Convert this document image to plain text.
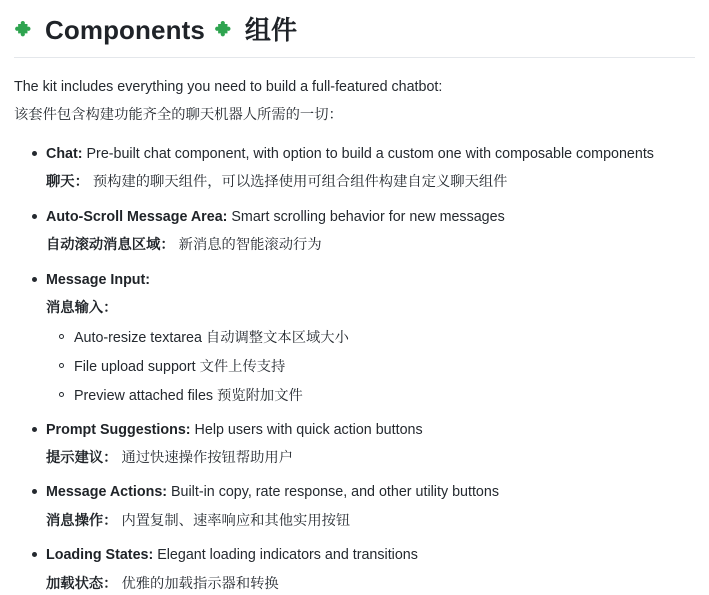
Components 组件

The kit includes everything you need to build a full-featured chatbot:

该套件包含构建功能齐全的聊天机器人所需的一切：

Chat: Pre-built chat component, with option to build a custom one with composable components
聊天： 预构建的聊天组件，可以选择使用可组合组件构建自定义聊天组件
Auto-Scroll Message Area: Smart scrolling behavior for new messages
自动滚动消息区域： 新消息的智能滚动行为
Message Input:
消息输入：
Auto-resize textarea 自动调整文本区域大小
File upload support 文件上传支持
Preview attached files 预览附加文件
Prompt Suggestions: Help users with quick action buttons
提示建议： 通过快速操作按钮帮助用户
Message Actions: Built-in copy, rate response, and other utility buttons
消息操作： 内置复制、速率响应和其他实用按钮
Loading States: Elegant loading indicators and transitions
加载状态： 优雅的加载指示器和转换
